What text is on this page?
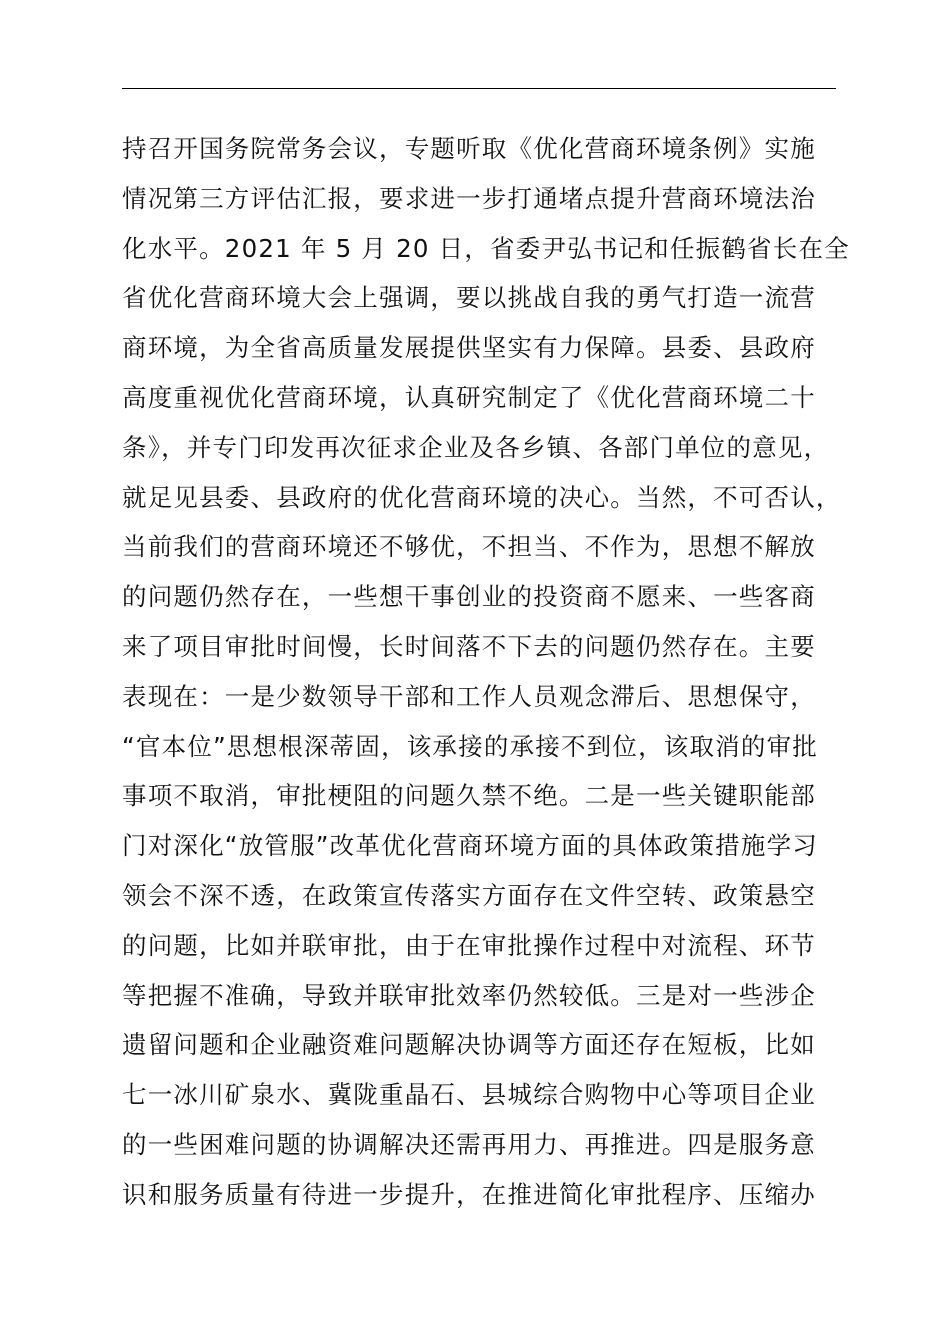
持召开国务院常务会议，专题听取《优化营商环境条例》实施
情况第三方评估汇报，要求进一步打通堵点提升营商环境法治
化水平。2021 年 5 月 20 日，省委尹弘书记和任振鹤省长在全
省优化营商环境大会上强调，要以挑战自我的勇气打造一流营
商环境，为全省高质量发展提供坚实有力保障。县委、县政府
高度重视优化营商环境，认真研究制定了《优化营商环境二十
条》，并专门印发再次征求企业及各乡镇、各部门单位的意见，
就足见县委、县政府的优化营商环境的决心。当然，不可否认，
当前我们的营商环境还不够优，不担当、不作为，思想不解放
的问题仍然存在，一些想干事创业的投资商不愿来、一些客商
来了项目审批时间慢，长时间落不下去的问题仍然存在。主要
表现在：一是少数领导干部和工作人员观念滞后、思想保守，
“官本位”思想根深蒂固，该承接的承接不到位，该取消的审批
事项不取消，审批梗阻的问题久禁不绝。二是一些关键职能部
门对深化“放管服”改革优化营商环境方面的具体政策措施学习
领会不深不透，在政策宣传落实方面存在文件空转、政策悬空
的问题，比如并联审批，由于在审批操作过程中对流程、环节
等把握不准确，导致并联审批效率仍然较低。三是对一些涉企
遗留问题和企业融资难问题解决协调等方面还存在短板，比如
七一冰川矿泉水、冀陇重晶石、县城综合购物中心等项目企业
的一些困难问题的协调解决还需再用力、再推进。四是服务意
识和服务质量有待进一步提升，在推进简化审批程序、压缩办
